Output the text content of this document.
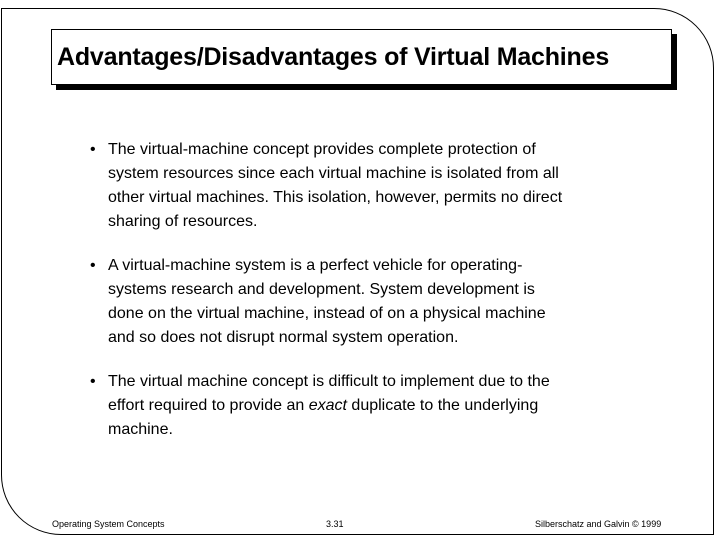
Advantages/Disadvantages of Virtual Machines
• The virtual-machine concept provides complete protection of
system resources since each virtual machine is isolated from all
other virtual machines. This isolation, however, permits no direct
sharing of resources.
• A virtual-machine system is a perfect vehicle for operating-
systems research and development. System development is
done on the virtual machine, instead of on a physical machine
and so does not disrupt normal system operation.
• The virtual machine concept is difficult to implement due to the
effort required to provide an exact duplicate to the underlying
machine.
Operating System Concepts	3.31	Silberschatz and Galvin © 1999
